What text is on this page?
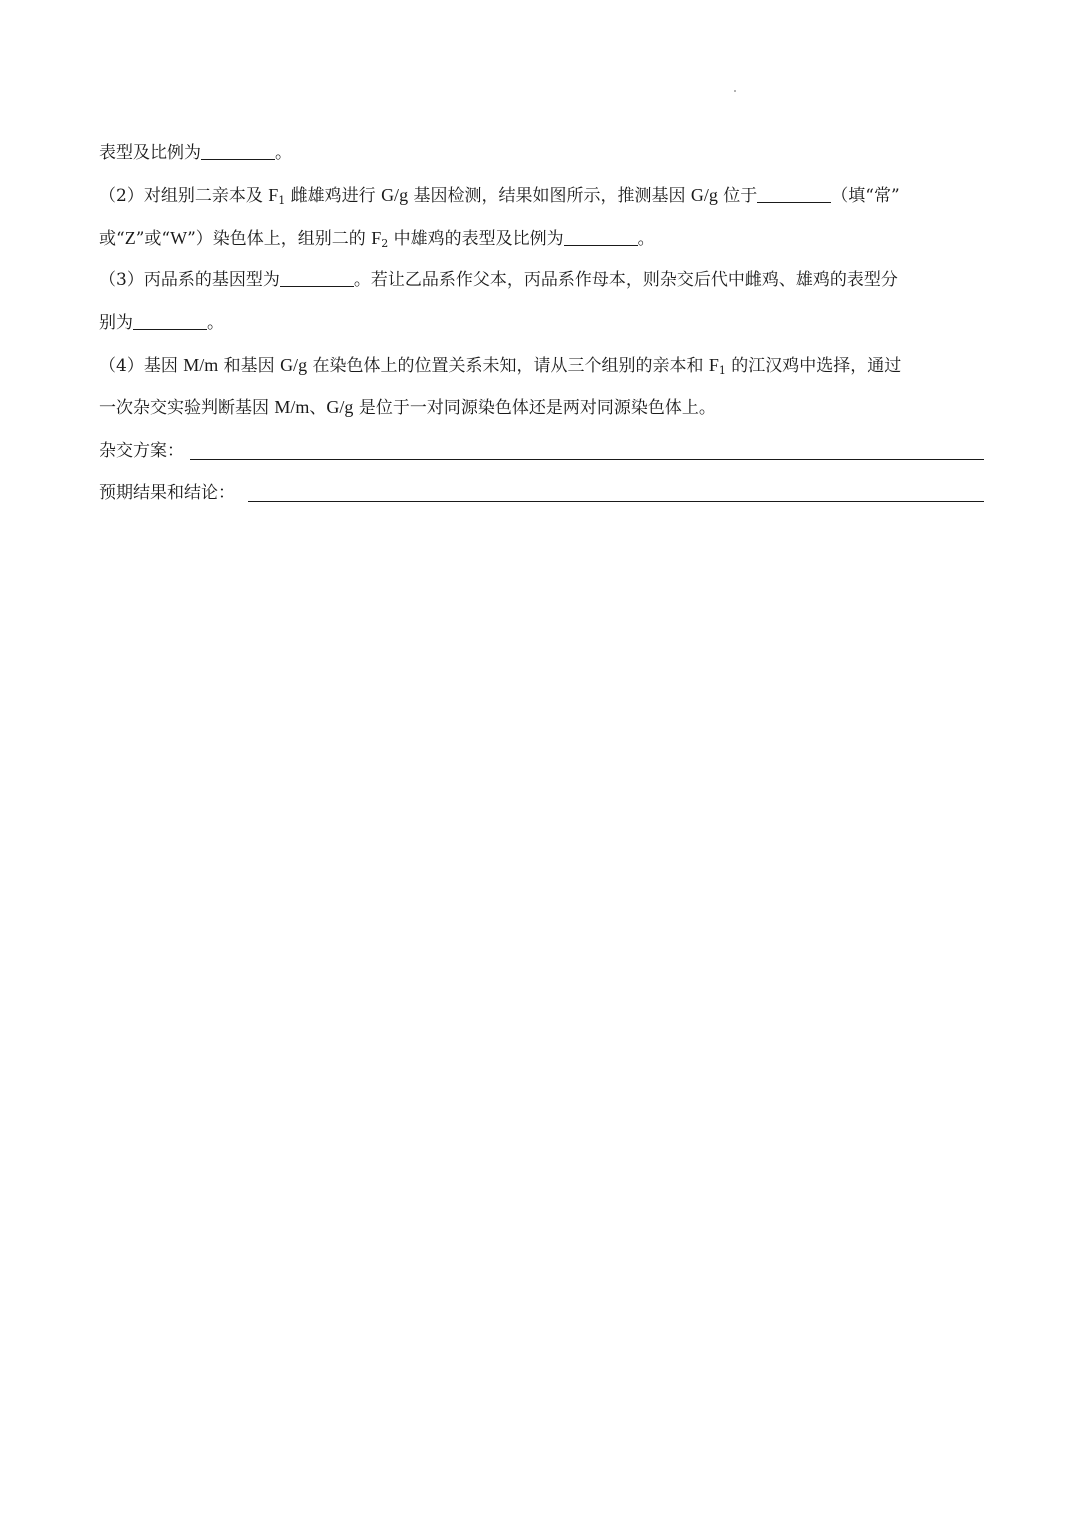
表型及比例为	。
（2）对组别二亲本及 $F_1$ 雌雄鸡进行 G/g 基因检测，结果如图所示，推测基因 G/g 位于	（填“常”
或“Z”或“W”）染色体上，组别二的 $F_2$ 中雄鸡的表型及比例为	。
（3）丙品系的基因型为	。若让乙品系作父本，丙品系作母本，则杂交后代中雌鸡、雄鸡的表型分
别为	。
（4）基因 M/m 和基因 G/g 在染色体上的位置关系未知，请从三个组别的亲本和 $F_1$ 的江汉鸡中选择，通过
一次杂交实验判断基因 M/m、G/g 是位于一对同源染色体还是两对同源染色体上。
杂交方案：
预期结果和结论：
